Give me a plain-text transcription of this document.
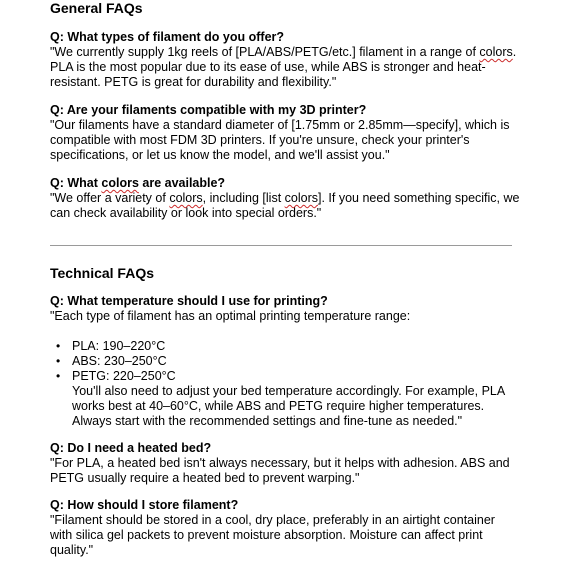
General FAQs
Q: What types of filament do you offer?

"We currently supply 1kg reels of [PLA/ABS/PETG/etc.] filament in a range of colors. PLA is the most popular due to its ease of use, while ABS is stronger and heat-resistant. PETG is great for durability and flexibility."

Q: Are your filaments compatible with my 3D printer?

"Our filaments have a standard diameter of [1.75mm or 2.85mm—specify], which is compatible with most FDM 3D printers. If you're unsure, check your printer's specifications, or let us know the model, and we'll assist you."

Q: What colors are available?

"We offer a variety of colors, including [list colors]. If you need something specific, we can check availability or look into special orders."

Technical FAQs
Q: What temperature should I use for printing?

"Each type of filament has an optimal printing temperature range:

• PLA: 190–220°C
• ABS: 230–250°C
• PETG: 220–250°C

You'll also need to adjust your bed temperature accordingly. For example, PLA works best at 40–60°C, while ABS and PETG require higher temperatures. Always start with the recommended settings and fine-tune as needed."

Q: Do I need a heated bed?

"For PLA, a heated bed isn't always necessary, but it helps with adhesion. ABS and PETG usually require a heated bed to prevent warping."

Q: How should I store filament?

"Filament should be stored in a cool, dry place, preferably in an airtight container with silica gel packets to prevent moisture absorption. Moisture can affect print quality."
